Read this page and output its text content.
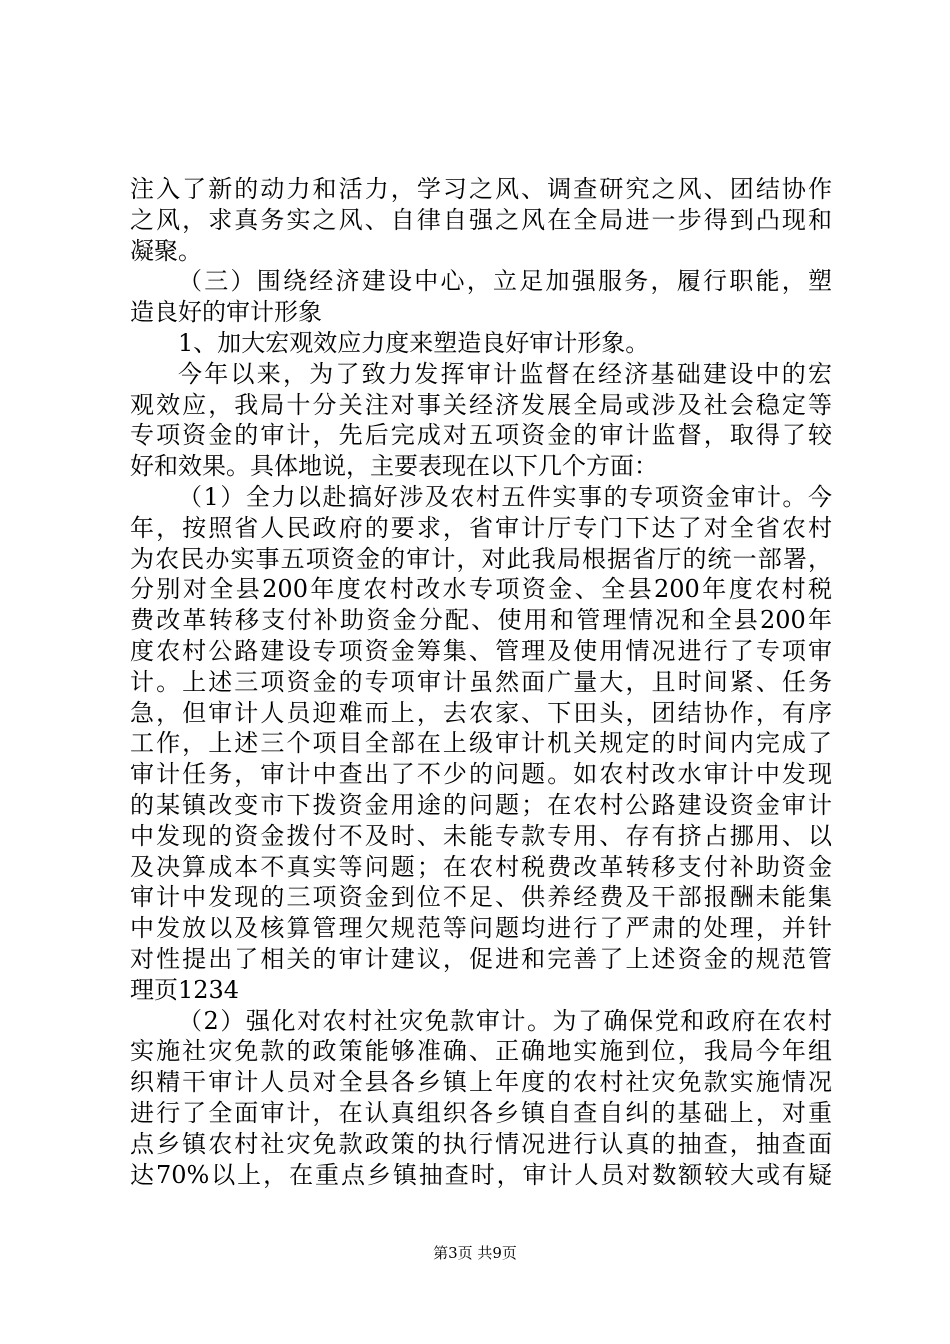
注入了新的动力和活力，学习之风、调查研究之风、团结协作
之风，求真务实之风、自律自强之风在全局进一步得到凸现和
凝聚。
（三）围绕经济建设中心，立足加强服务，履行职能，塑
造良好的审计形象
1、加大宏观效应力度来塑造良好审计形象。
今年以来，为了致力发挥审计监督在经济基础建设中的宏
观效应，我局十分关注对事关经济发展全局或涉及社会稳定等
专项资金的审计，先后完成对五项资金的审计监督，取得了较
好和效果。具体地说，主要表现在以下几个方面：
（1）全力以赴搞好涉及农村五件实事的专项资金审计。今
年，按照省人民政府的要求，省审计厅专门下达了对全省农村
为农民办实事五项资金的审计，对此我局根据省厅的统一部署，
分别对全县200年度农村改水专项资金、全县200年度农村税
费改革转移支付补助资金分配、使用和管理情况和全县200年
度农村公路建设专项资金筹集、管理及使用情况进行了专项审
计。上述三项资金的专项审计虽然面广量大，且时间紧、任务
急，但审计人员迎难而上，去农家、下田头，团结协作，有序
工作，上述三个项目全部在上级审计机关规定的时间内完成了
审计任务，审计中查出了不少的问题。如农村改水审计中发现
的某镇改变市下拨资金用途的问题；在农村公路建设资金审计
中发现的资金拨付不及时、未能专款专用、存有挤占挪用、以
及决算成本不真实等问题；在农村税费改革转移支付补助资金
审计中发现的三项资金到位不足、供养经费及干部报酬未能集
中发放以及核算管理欠规范等问题均进行了严肃的处理，并针
对性提出了相关的审计建议，促进和完善了上述资金的规范管
理页1234
（2）强化对农村社灾免款审计。为了确保党和政府在农村
实施社灾免款的政策能够准确、正确地实施到位，我局今年组
织精干审计人员对全县各乡镇上年度的农村社灾免款实施情况
进行了全面审计，在认真组织各乡镇自查自纠的基础上，对重
点乡镇农村社灾免款政策的执行情况进行认真的抽查，抽查面
达70%以上，在重点乡镇抽查时，审计人员对数额较大或有疑
第3页 共9页
